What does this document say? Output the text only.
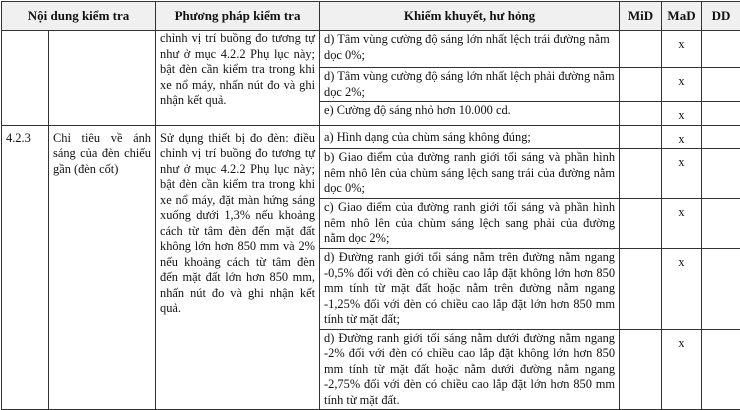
Nội dung kiểm tra		Phương pháp kiểm tra	Khiếm khuyết, hư hỏng	MiD	MaD	DD
		chỉnh vị trí buồng đo tương tự như ở mục 4.2.2 Phụ lục này; bật đèn cần kiểm tra trong khi xe nổ máy, nhấn nút đo và ghi nhận kết quả.	d) Tâm vùng cường độ sáng lớn nhất lệch trái đường nằm dọc 0%;		x	
			d) Tâm vùng cường độ sáng lớn nhất lệch phải đường nằm dọc 2%;		x	
			e) Cường độ sáng nhỏ hơn 10.000 cd.		x	
4.2.3	Chỉ tiêu về ánh sáng của đèn chiếu gần (đèn cốt)	Sử dụng thiết bị đo đèn: điều chỉnh vị trí buồng đo tương tự như ở mục 4.2.2 Phụ lục này; bật đèn cần kiểm tra trong khi xe nổ máy, đặt màn hứng sáng xuống dưới 1,3% nếu khoảng cách từ tâm đèn đến mặt đất không lớn hơn 850 mm và 2% nếu khoảng cách từ tâm đèn đến mặt đất lớn hơn 850 mm, nhấn nút đo và ghi nhận kết quả.	a) Hình dạng của chùm sáng không đúng;		x	
			b) Giao điểm của đường ranh giới tối sáng và phần hình nêm nhô lên của chùm sáng lệch sang trái của đường nằm dọc 0%;		x	
			c) Giao điểm của đường ranh giới tối sáng và phần hình nêm nhô lên của chùm sáng lệch sang phải của đường nằm dọc 2%;		x	
			d) Đường ranh giới tối sáng nằm trên đường nằm ngang -0,5% đối với đèn có chiều cao lắp đặt không lớn hơn 850 mm tính từ mặt đất hoặc nằm trên đường nằm ngang -1,25% đối với đèn có chiều cao lắp đặt lớn hơn 850 mm tính từ mặt đất;		x	
			d) Đường ranh giới tối sáng nằm dưới đường nằm ngang -2% đối với đèn có chiều cao lắp đặt không lớn hơn 850 mm tính từ mặt đất hoặc nằm dưới đường nằm ngang -2,75% đối với đèn có chiều cao lắp đặt lớn hơn 850 mm tính từ mặt đất.		x	
